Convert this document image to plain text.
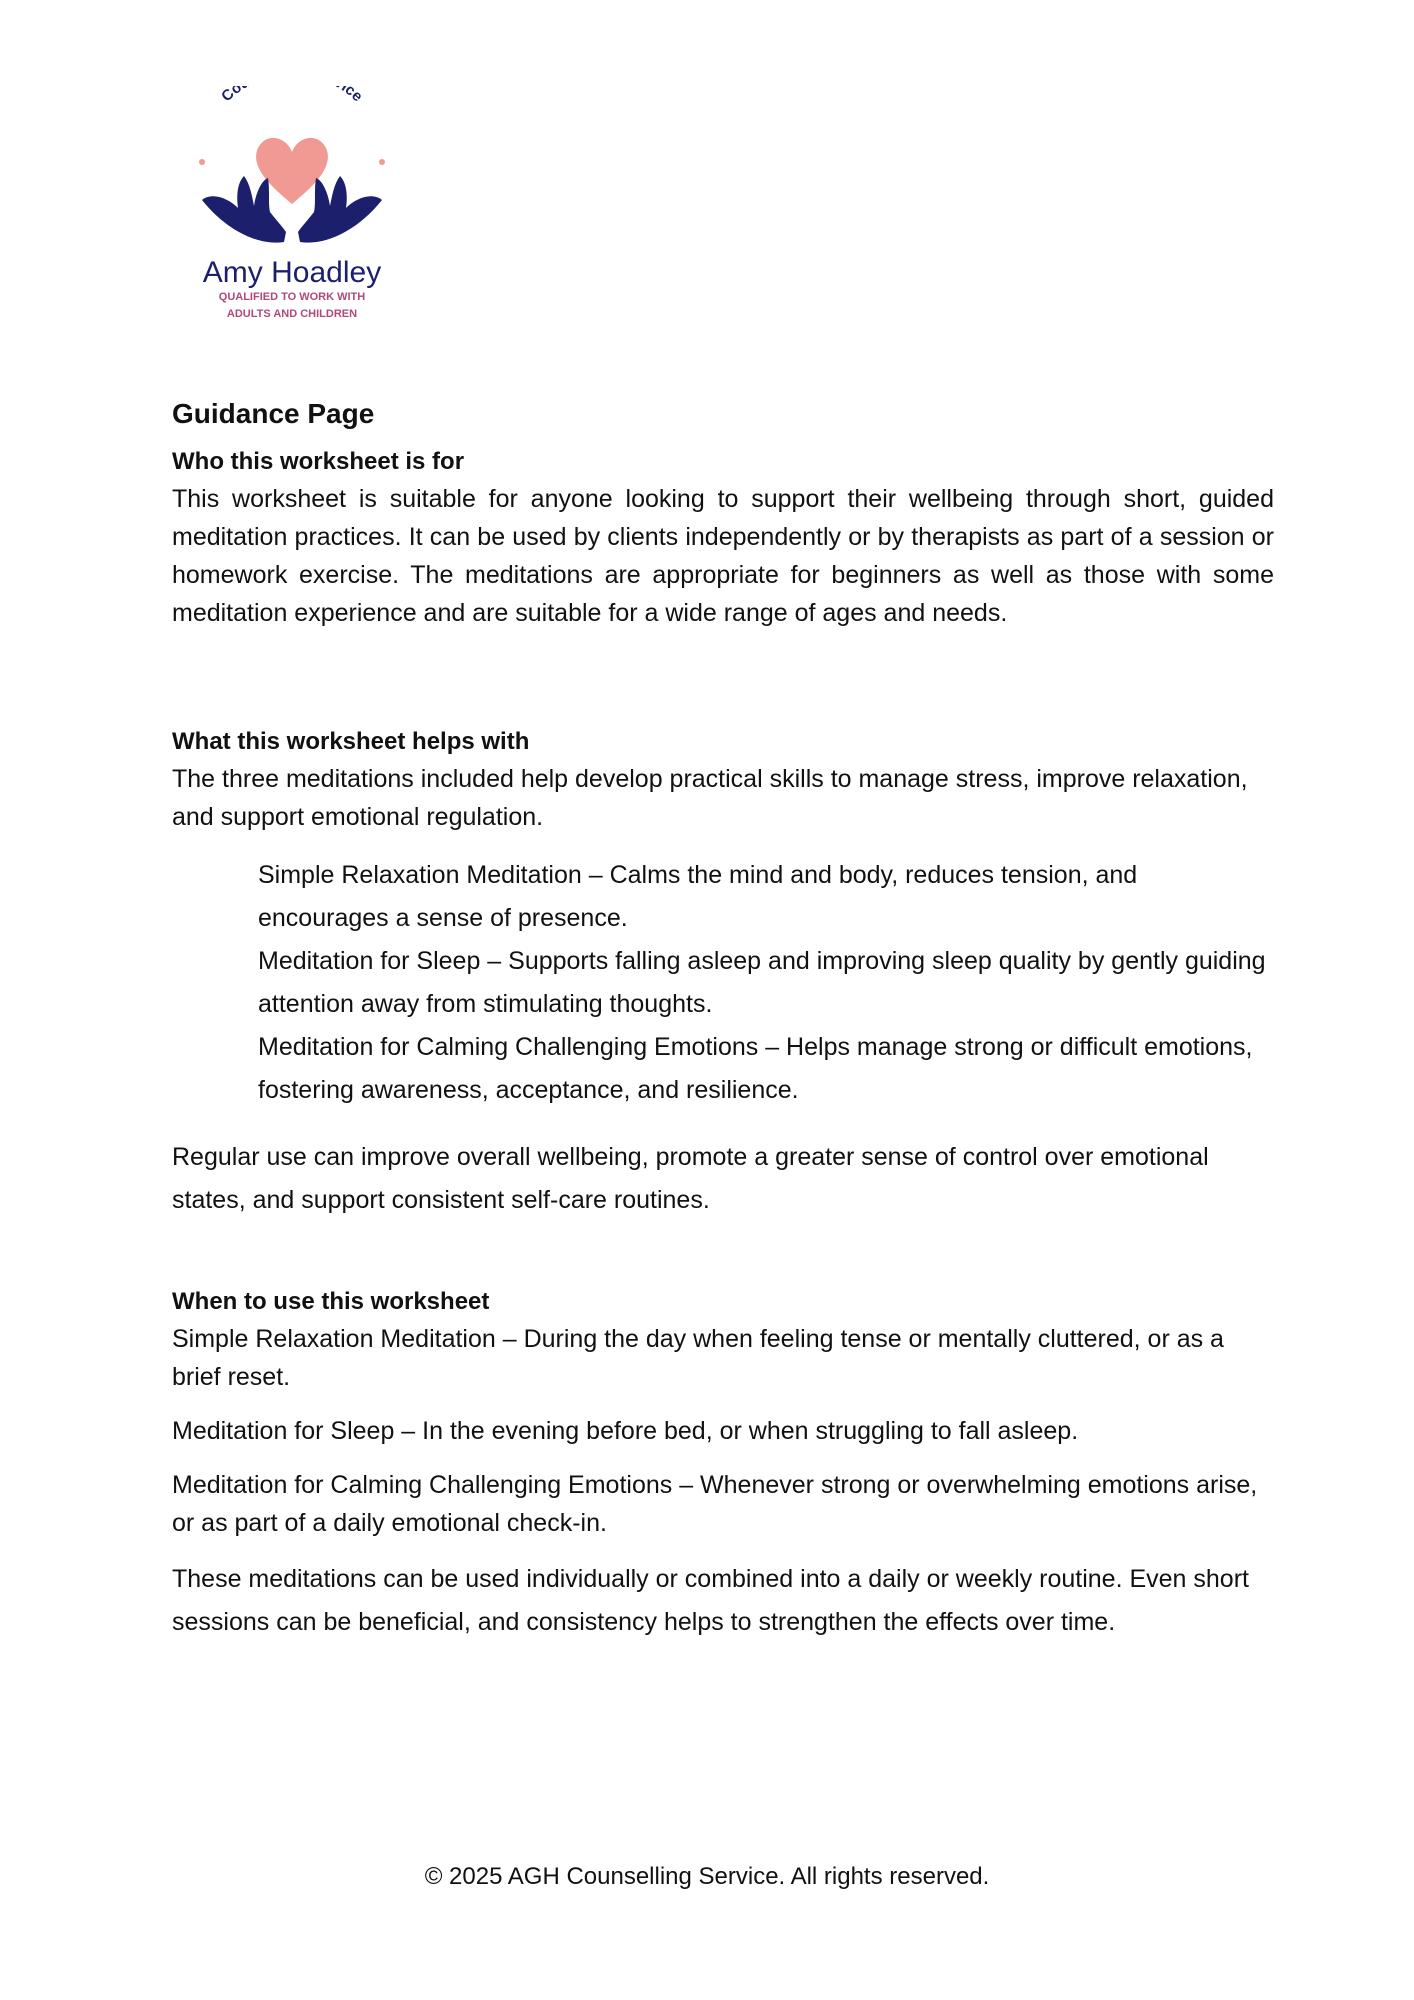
Co ice
Amy Hoadley
QUALIFIED TO WORK WITH
ADULTS AND CHILDREN
Guidance Page
Who this worksheet is for

This worksheet is suitable for anyone looking to support their wellbeing through short, guided meditation practices. It can be used by clients independently or by therapists as part of a session or homework exercise. The meditations are appropriate for beginners as well as those with some meditation experience and are suitable for a wide range of ages and needs.

What this worksheet helps with

The three meditations included help develop practical skills to manage stress, improve relaxation, and support emotional regulation.

Simple Relaxation Meditation – Calms the mind and body, reduces tension, and encourages a sense of presence.
Meditation for Sleep – Supports falling asleep and improving sleep quality by gently guiding attention away from stimulating thoughts.
Meditation for Calming Challenging Emotions – Helps manage strong or difficult emotions, fostering awareness, acceptance, and resilience.

Regular use can improve overall wellbeing, promote a greater sense of control over emotional states, and support consistent self-care routines.

When to use this worksheet

Simple Relaxation Meditation – During the day when feeling tense or mentally cluttered, or as a brief reset.

Meditation for Sleep – In the evening before bed, or when struggling to fall asleep.

Meditation for Calming Challenging Emotions – Whenever strong or overwhelming emotions arise, or as part of a daily emotional check-in.

These meditations can be used individually or combined into a daily or weekly routine. Even short sessions can be beneficial, and consistency helps to strengthen the effects over time.

© 2025 AGH Counselling Service. All rights reserved.
